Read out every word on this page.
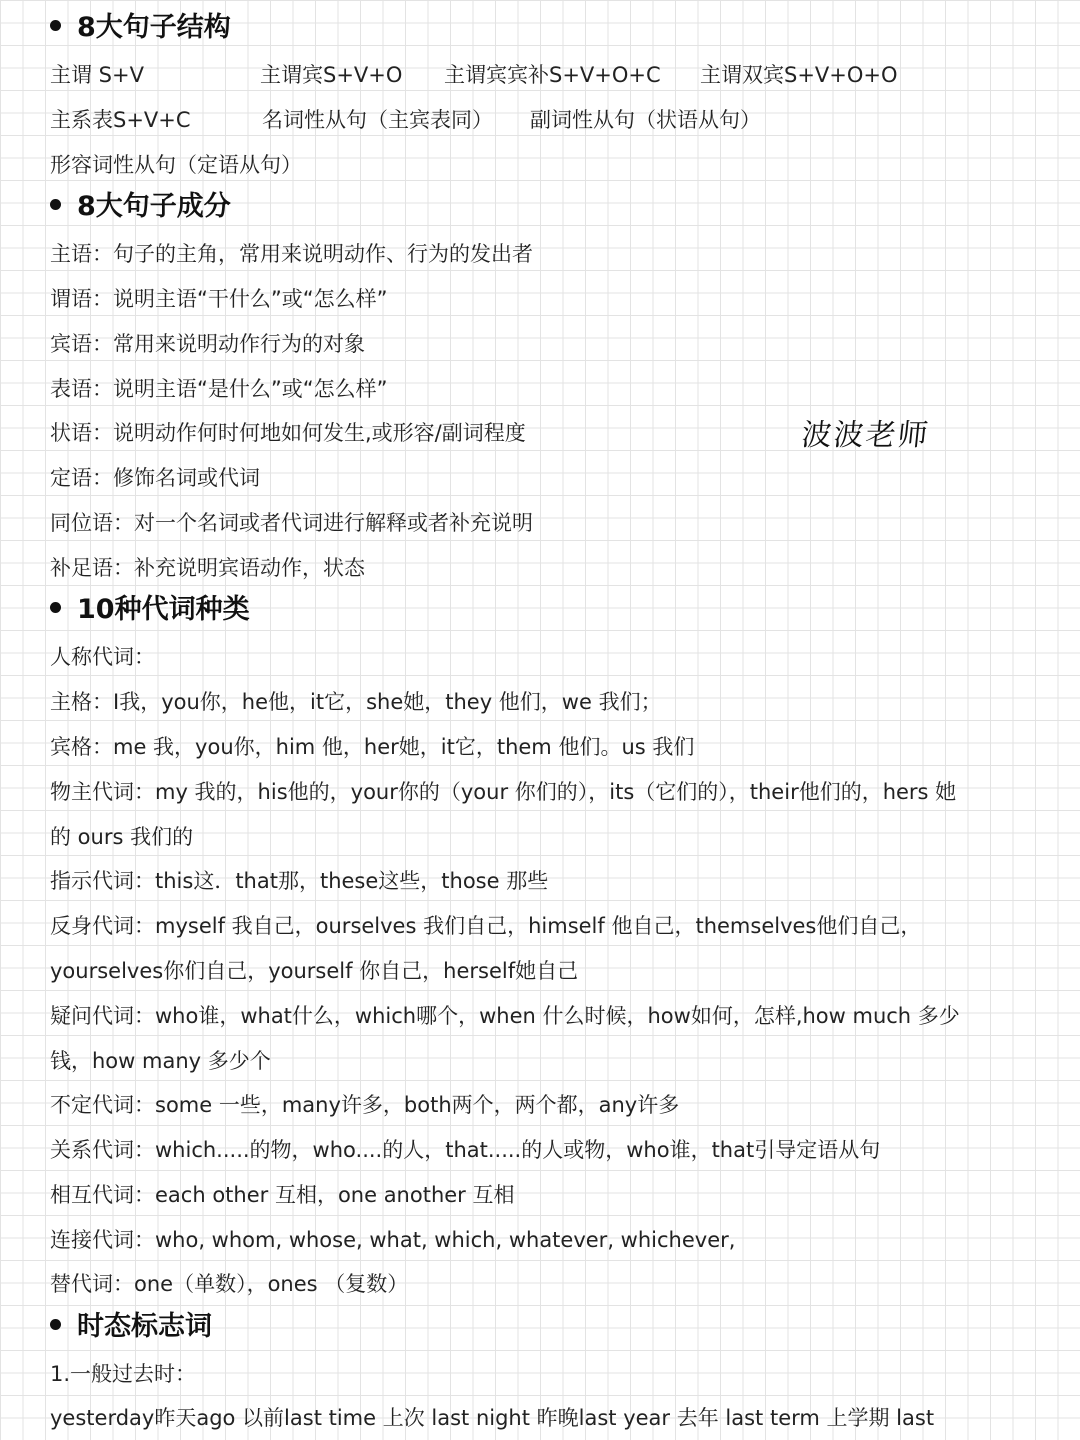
8大句子结构
主谓 S+V	主谓宾S+V+O 主谓宾宾补S+V+O+C 主谓双宾S+V+O+O
主系表S+V+C	名词性从句（主宾表同） 副词性从句（状语从句）
形容词性从句（定语从句）
8大句子成分
主语：句子的主角，常用来说明动作、行为的发出者
谓语：说明主语“干什么”或“怎么样”
宾语：常用来说明动作行为的对象
表语：说明主语“是什么”或“怎么样”
状语：说明动作何时何地如何发生,或形容/副词程度
定语：修饰名词或代词
同位语：对一个名词或者代词进行解释或者补充说明
补足语：补充说明宾语动作，状态
波波老师
10种代词种类
人称代词：
主格：I我，you你，he他，it它，she她，they 他们，we 我们；
宾格：me 我，you你，him 他，her她，it它，them 他们。us 我们
物主代词：my 我的，his他的，your你的（your 你们的），its（它们的），their他们的，hers 她
的 ours 我们的
指示代词：this这．that那，these这些，those 那些
反身代词：myself 我自己，ourselves 我们自己，himself 他自己，themselves他们自己，
yourselves你们自己，yourself 你自己，herself她自己
疑问代词：who谁，what什么，which哪个，when 什么时候，how如何，怎样,how much 多少
钱，how many 多少个
不定代词：some 一些，many许多，both两个，两个都，any许多
关系代词：which.....的物，who....的人，that.....的人或物，who谁，that引导定语从句
相互代词：each other 互相，one another 互相
连接代词：who, whom, whose, what, which, whatever, whichever,
替代词：one（单数），ones （复数）
时态标志词
1.一般过去时：
yesterday昨天ago 以前last time 上次 last night 昨晚last year 去年 last term 上学期 last
